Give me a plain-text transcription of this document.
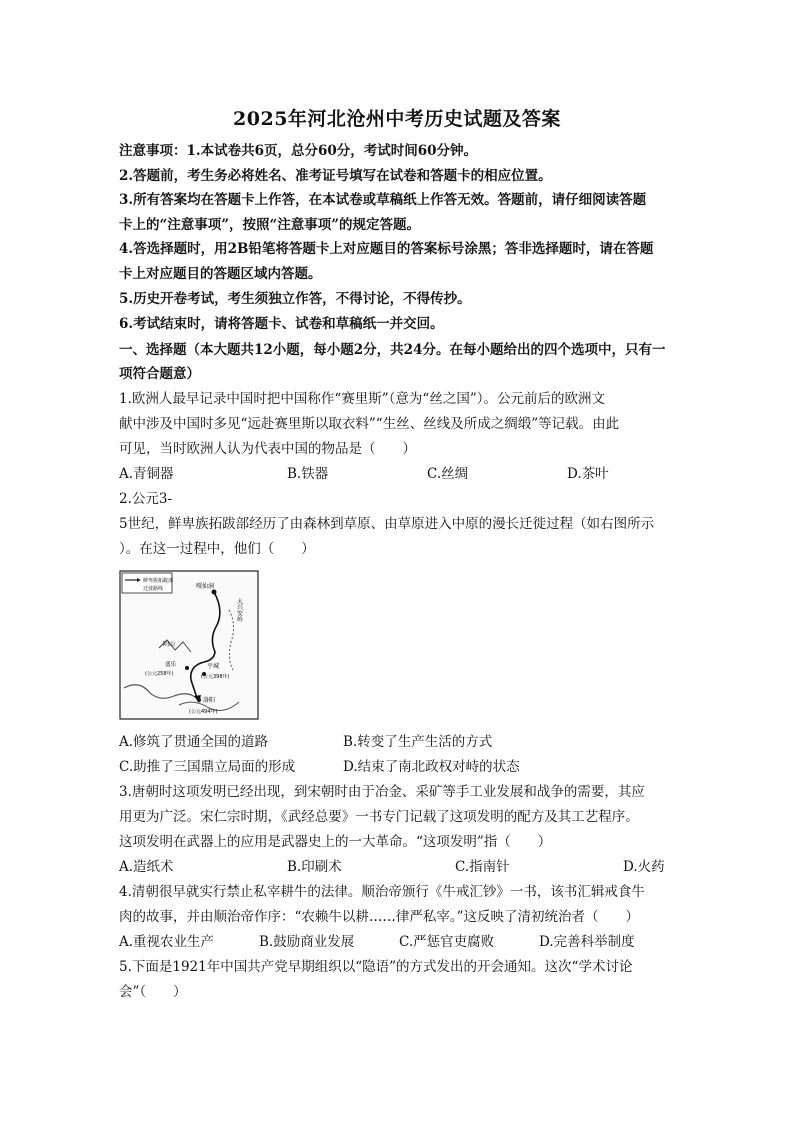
2025年河北沧州中考历史试题及答案
注意事项：1.本试卷共6页，总分60分，考试时间60分钟。
2.答题前，考生务必将姓名、准考证号填写在试卷和答题卡的相应位置。
3.所有答案均在答题卡上作答，在本试卷或草稿纸上作答无效。答题前，请仔细阅读答题
卡上的“注意事项”，按照“注意事项”的规定答题。
4.答选择题时，用2B铅笔将答题卡上对应题目的答案标号涂黑；答非选择题时，请在答题
卡上对应题目的答题区域内答题。
5.历史开卷考试，考生须独立作答，不得讨论，不得传抄。
6.考试结束时，请将答题卡、试卷和草稿纸一并交回。
一、选择题（本大题共12小题，每小题2分，共24分。在每小题给出的四个选项中，只有一
项符合题意）
1.欧洲人最早记录中国时把中国称作“赛里斯”（意为“丝之国”）。公元前后的欧洲文
献中涉及中国时多见“远赴赛里斯以取衣料”“生丝、丝线及所成之绸缎”等记载。由此
可见，当时欧洲人认为代表中国的物品是（　　）
A.青铜器	B.铁器	C.丝绸	D.茶叶
2.公元3-
5世纪，鲜卑族拓跋部经历了由森林到草原、由草原进入中原的漫长迁徙过程（如右图所示
）。在这一过程中，他们（　　）
鲜卑族拓跋部
迁徙路线	嘎仙洞
大兴安岭
阴山
盛乐
(公元258年)
平城
(公元398年)
洛阳
(公元494年)
A.修筑了贯通全国的道路	B.转变了生产生活的方式
C.助推了三国鼎立局面的形成	D.结束了南北政权对峙的状态
3.唐朝时这项发明已经出现，到宋朝时由于冶金、采矿等手工业发展和战争的需要，其应
用更为广泛。宋仁宗时期，《武经总要》一书专门记载了这项发明的配方及其工艺程序。
这项发明在武器上的应用是武器史上的一大革命。“这项发明”指（　　）
A.造纸术	B.印刷术	C.指南针	D.火药
4.清朝很早就实行禁止私宰耕牛的法律。顺治帝颁行《牛戒汇钞》一书，该书汇辑戒食牛
肉的故事，并由顺治帝作序：“农赖牛以耕……律严私宰。”这反映了清初统治者（　　）
A.重视农业生产	B.鼓励商业发展	C.严惩官吏腐败	D.完善科举制度
5.下面是1921年中国共产党早期组织以“隐语”的方式发出的开会通知。这次“学术讨论
会”（　　）
